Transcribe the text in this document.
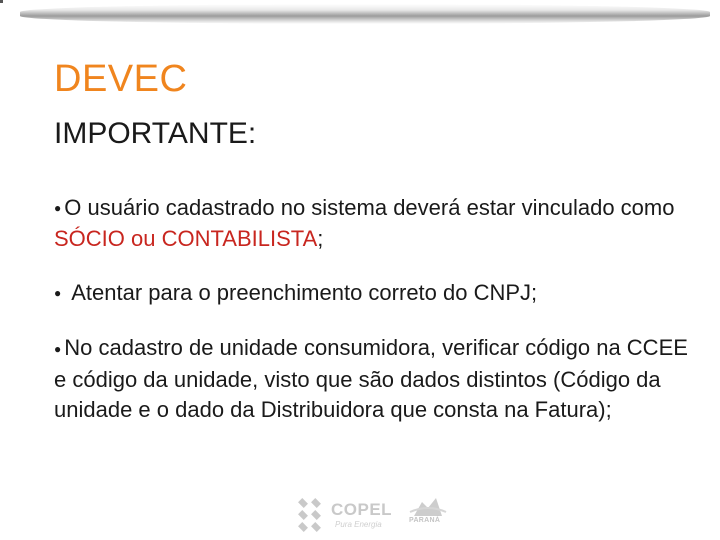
DEVEC
IMPORTANTE:

● O usuário cadastrado no sistema deverá estar vinculado como SÓCIO ou CONTABILISTA;

● Atentar para o preenchimento correto do CNPJ;

● No cadastro de unidade consumidora, verificar código na CCEE e código da unidade, visto que são dados distintos (Código da unidade e o dado da Distribuidora que consta na Fatura);

COPEL
Pura Energia	PARANÁ
